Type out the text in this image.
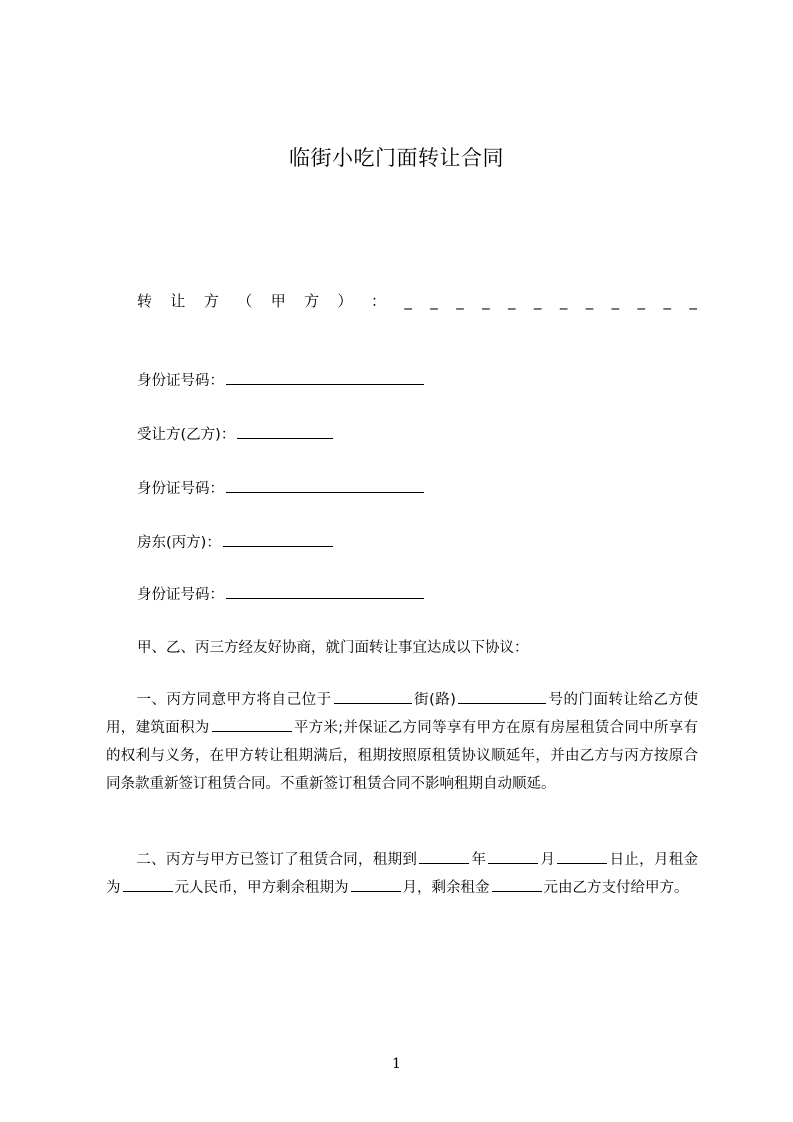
临街小吃门面转让合同
转 让 方 （ 甲 方 ） ： _ _ _ _ _ _ _ _ _ _ _ _
身份证号码：
受让方(乙方)：
身份证号码：
房东(丙方)：
身份证号码：
甲、乙、丙三方经友好协商，就门面转让事宜达成以下协议：
一、丙方同意甲方将自己位于	街(路)	号的门面转让给乙方使用，建筑面积为	平方米;并保证乙方同等享有甲方在原有房屋租赁合同中所享有的权利与义务，在甲方转让租期满后，租期按照原租赁协议顺延年，并由乙方与丙方按原合同条款重新签订租赁合同。不重新签订租赁合同不影响租期自动顺延。
二、丙方与甲方已签订了租赁合同，租期到	年	月	日止，月租金为	元人民币，甲方剩余租期为	月，剩余租金	元由乙方支付给甲方。
1
